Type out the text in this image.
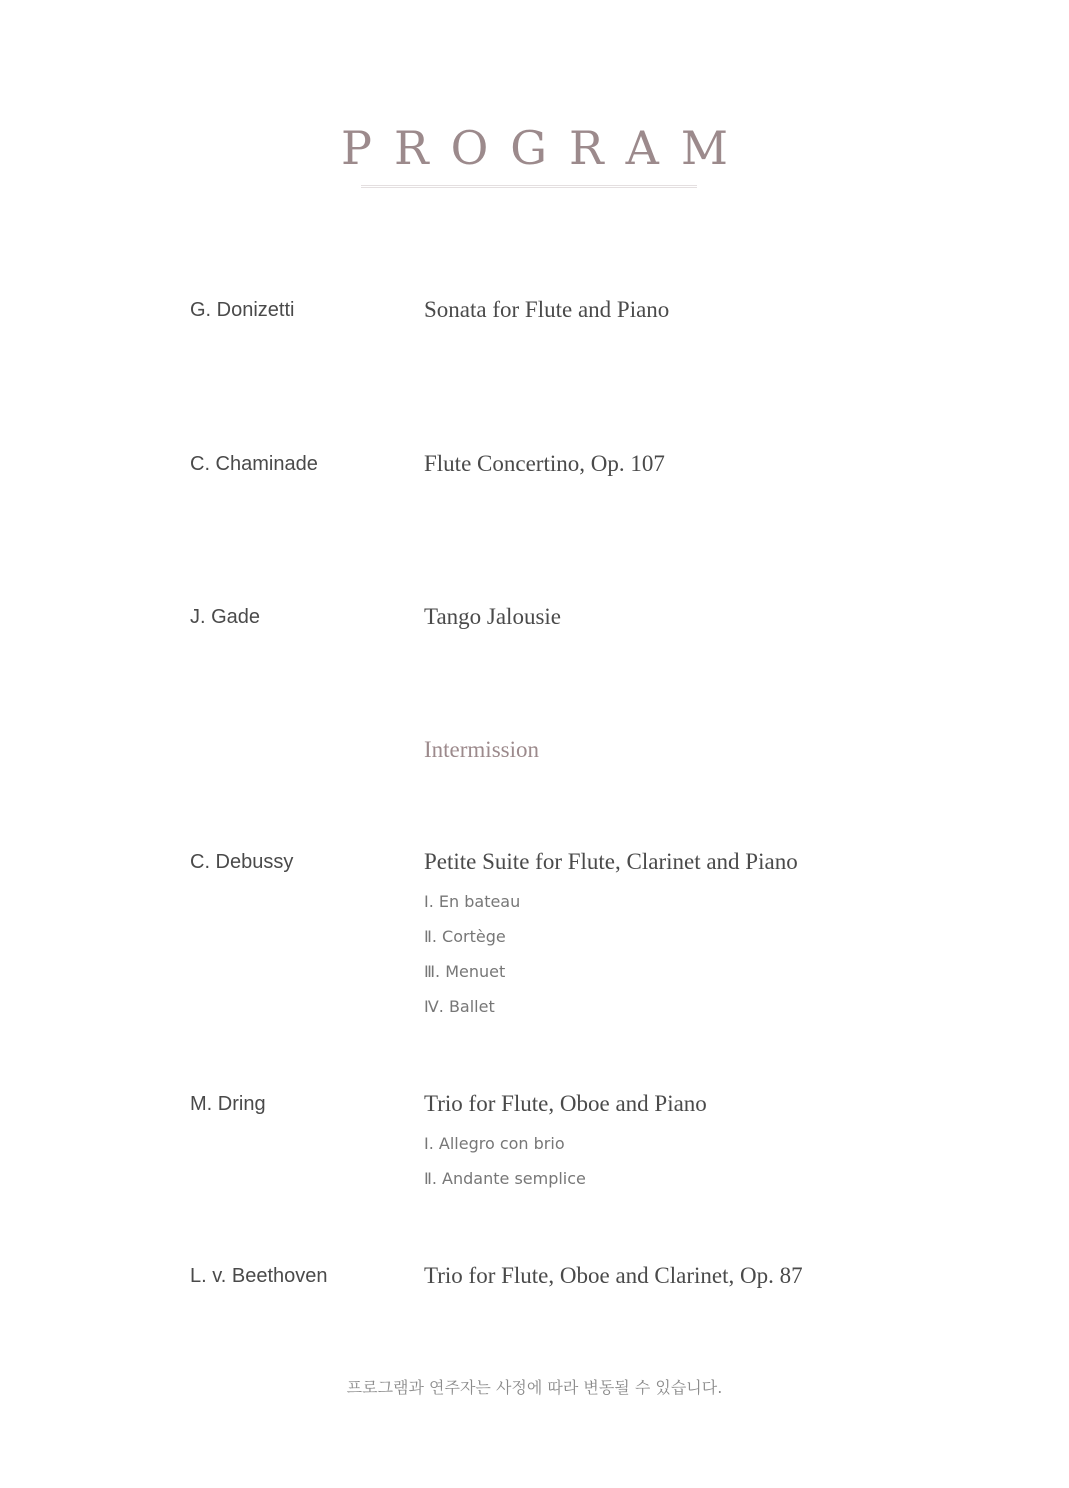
PROGRAM
G. Donizetti	Sonata for Flute and Piano
C. Chaminade	Flute Concertino, Op. 107
J. Gade	Tango Jalousie
Intermission
C. Debussy	Petite Suite for Flute, Clarinet and Piano
Ⅰ. En bateau
Ⅱ. Cortège
Ⅲ. Menuet
Ⅳ. Ballet
M. Dring	Trio for Flute, Oboe and Piano
Ⅰ. Allegro con brio
Ⅱ. Andante semplice
L. v. Beethoven	Trio for Flute, Oboe and Clarinet, Op. 87
프로그램과 연주자는 사정에 따라 변동될 수 있습니다.
